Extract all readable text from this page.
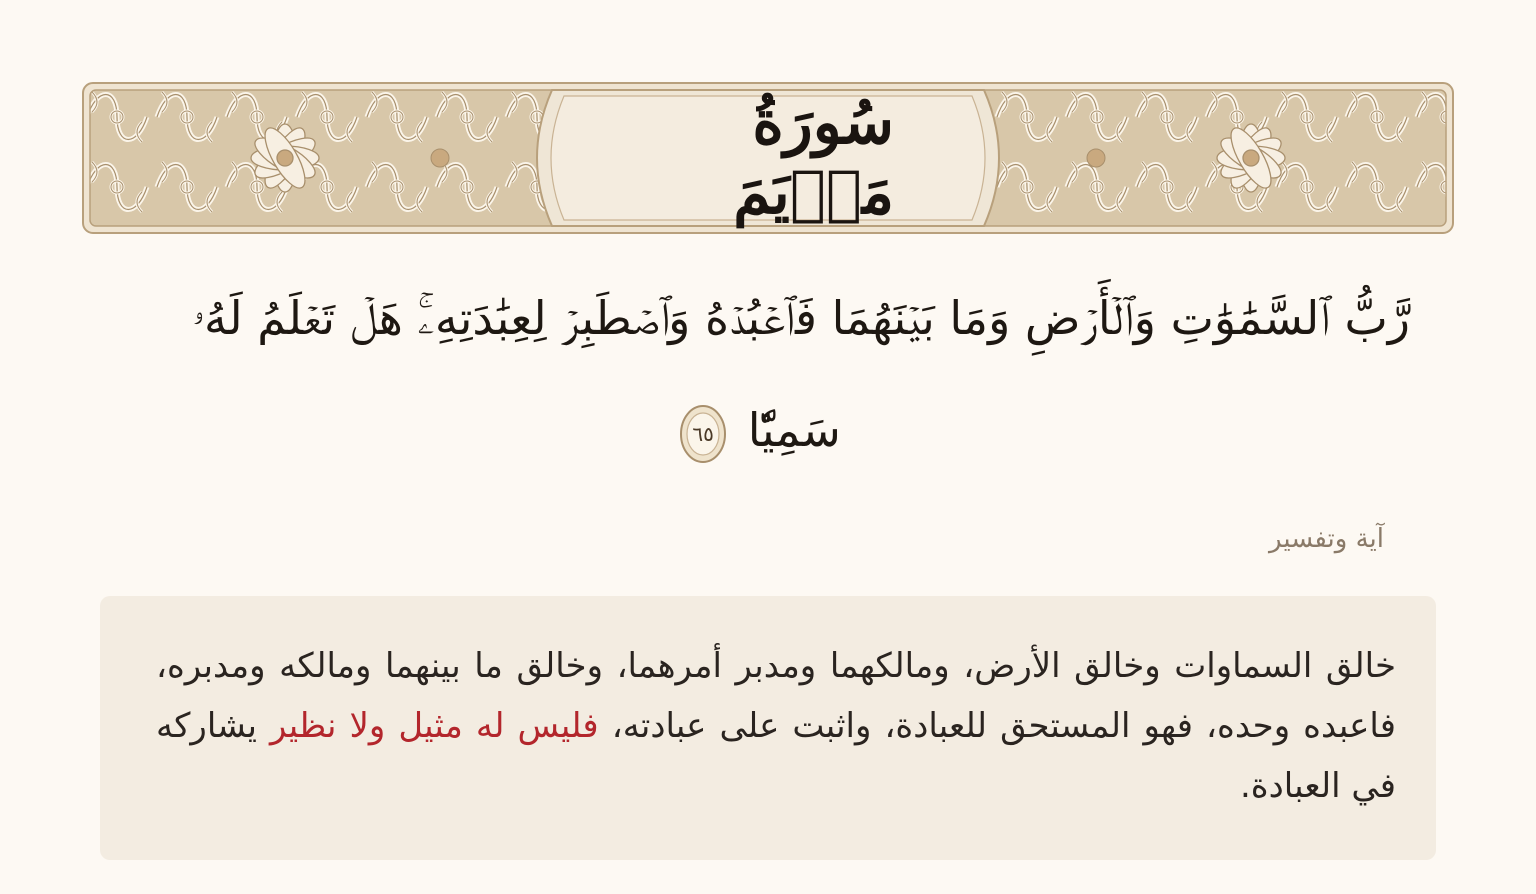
سُورَةُ مَرۡيَمَ
رَّبُّ ٱلسَّمَٰوَٰتِ وَٱلۡأَرۡضِ وَمَا بَيۡنَهُمَا فَٱعۡبُدۡهُ وَٱصۡطَبِرۡ لِعِبَٰدَتِهِۦۚ هَلۡ تَعۡلَمُ لَهُۥ
سَمِيّٗا
٦٥
آية وتفسير
خالق السماوات وخالق الأرض، ومالكهما ومدبر أمرهما، وخالق ما بينهما ومالكه ومدبره، فاعبده وحده، فهو المستحق للعبادة، واثبت على عبادته، فليس له مثيل ولا نظير يشاركه في العبادة.
